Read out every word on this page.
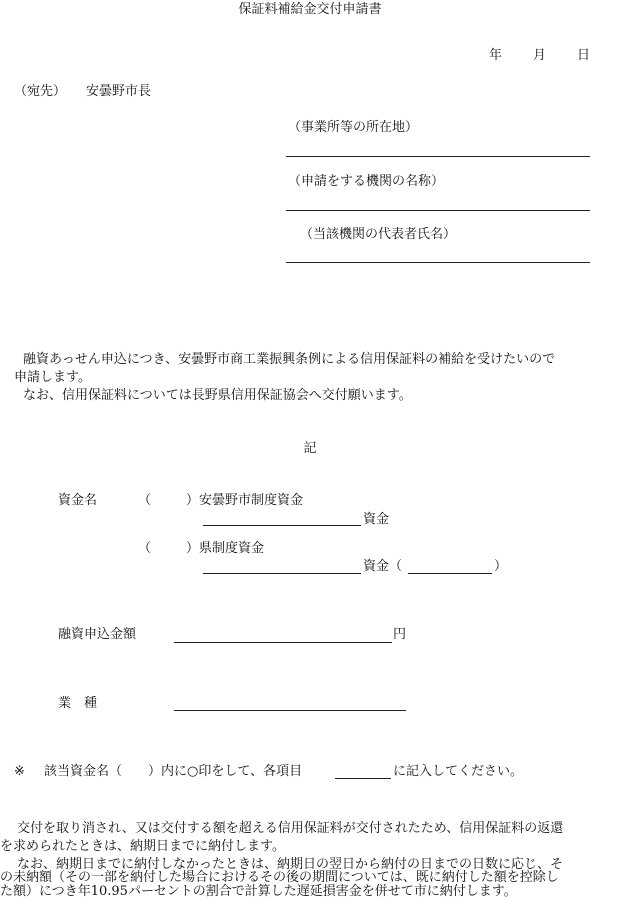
保証料補給金交付申請書
年 月 日
（宛先） 安曇野市長
（事業所等の所在地）
（申請をする機関の名称）
（当該機関の代表者氏名）
　融資あっせん申込につき、安曇野市商工業振興条例による信用保証料の補給を受けたいので
申請します。
　なお、信用保証料については長野県信用保証協会へ交付願います。
記
資金名	（	）安曇野市制度資金
資金
（	）県制度資金
資金（	）
融資申込金額	円
業　種
※ 該当資金名（　　）内に○印をして、各項目	に記入してください。
　交付を取り消され、又は交付する額を超える信用保証料が交付されたため、信用保証料の返還
を求められたときは、納期日までに納付します。
　なお、納期日までに納付しなかったときは、納期日の翌日から納付の日までの日数に応じ、そ
の未納額（その一部を納付した場合におけるその後の期間については、既に納付した額を控除し
た額）につき年10.95パーセントの割合で計算した遅延損害金を併せて市に納付します。
